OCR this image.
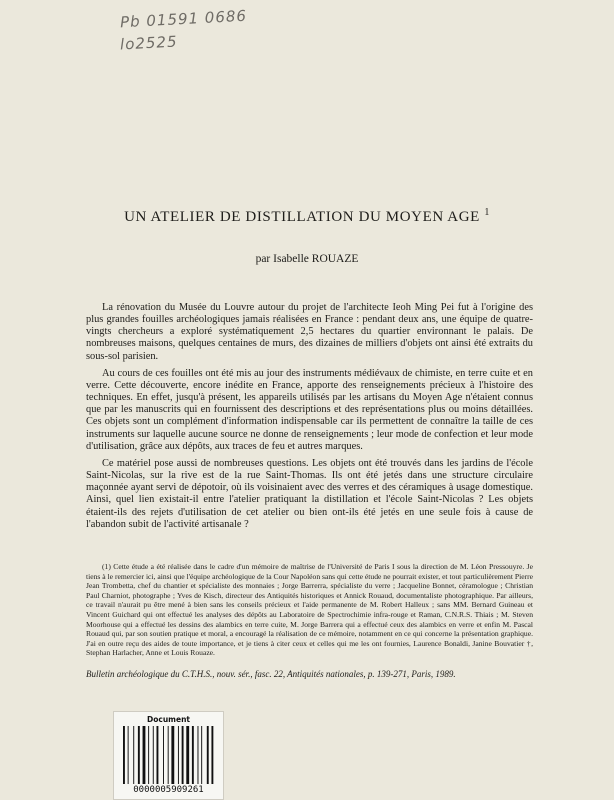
Pb 01591 0686
lo2525
UN ATELIER DE DISTILLATION DU MOYEN AGE $^1$

par Isabelle ROUAZE

La rénovation du Musée du Louvre autour du projet de l'architecte Ieoh Ming Pei fut à l'origine des plus grandes fouilles archéologiques jamais réalisées en France : pendant deux ans, une équipe de quatre-vingts chercheurs a exploré systématiquement 2,5 hectares du quartier environnant le palais. De nombreuses maisons, quelques centaines de murs, des dizaines de milliers d'objets ont ainsi été extraits du sous-sol parisien.

Au cours de ces fouilles ont été mis au jour des instruments médiévaux de chimiste, en terre cuite et en verre. Cette découverte, encore inédite en France, apporte des renseignements précieux à l'histoire des techniques. En effet, jusqu'à présent, les appareils utilisés par les artisans du Moyen Age n'étaient connus que par les manuscrits qui en fournissent des descriptions et des représentations plus ou moins détaillées. Ces objets sont un complément d'information indispensable car ils permettent de connaître la taille de ces instruments sur laquelle aucune source ne donne de renseignements ; leur mode de confection et leur mode d'utilisation, grâce aux dépôts, aux traces de feu et autres marques.

Ce matériel pose aussi de nombreuses questions. Les objets ont été trouvés dans les jardins de l'école Saint-Nicolas, sur la rive est de la rue Saint-Thomas. Ils ont été jetés dans une structure circulaire maçonnée ayant servi de dépotoir, où ils voisinaient avec des verres et des céramiques à usage domestique. Ainsi, quel lien existait-il entre l'atelier pratiquant la distillation et l'école Saint-Nicolas ? Les objets étaient-ils des rejets d'utilisation de cet atelier ou bien ont-ils été jetés en une seule fois à cause de l'abandon subit de l'activité artisanale ?

(1) Cette étude a été réalisée dans le cadre d'un mémoire de maîtrise de l'Université de Paris I sous la direction de M. Léon Pressouyre. Je tiens à le remercier ici, ainsi que l'équipe archéologique de la Cour Napoléon sans qui cette étude ne pourrait exister, et tout particulièrement Pierre Jean Trombetta, chef du chantier et spécialiste des monnaies ; Jorge Barrerra, spécialiste du verre ; Jacqueline Bonnet, céramologue ; Christian Paul Charniot, photographe ; Yves de Kisch, directeur des Antiquités historiques et Annick Rouaud, documentaliste photographique. Par ailleurs, ce travail n'aurait pu être mené à bien sans les conseils précieux et l'aide permanente de M. Robert Halleux ; sans MM. Bernard Guineau et Vincent Guichard qui ont effectué les analyses des dépôts au Laboratoire de Spectrochimie infra-rouge et Raman, C.N.R.S. Thiais ; M. Steven Moorhouse qui a effectué les dessins des alambics en terre cuite, M. Jorge Barrera qui a effectué ceux des alambics en verre et enfin M. Pascal Rouaud qui, par son soutien pratique et moral, a encouragé la réalisation de ce mémoire, notamment en ce qui concerne la présentation graphique. J'ai en outre reçu des aides de toute importance, et je tiens à citer ceux et celles qui me les ont fournies, Laurence Bonaldi, Janine Bouvatier †, Stephan Harlacher, Anne et Louis Rouaze.

Bulletin archéologique du C.T.H.S., nouv. sér., fasc. 22, Antiquités nationales, p. 139-271, Paris, 1989.

Document

0000005909261
